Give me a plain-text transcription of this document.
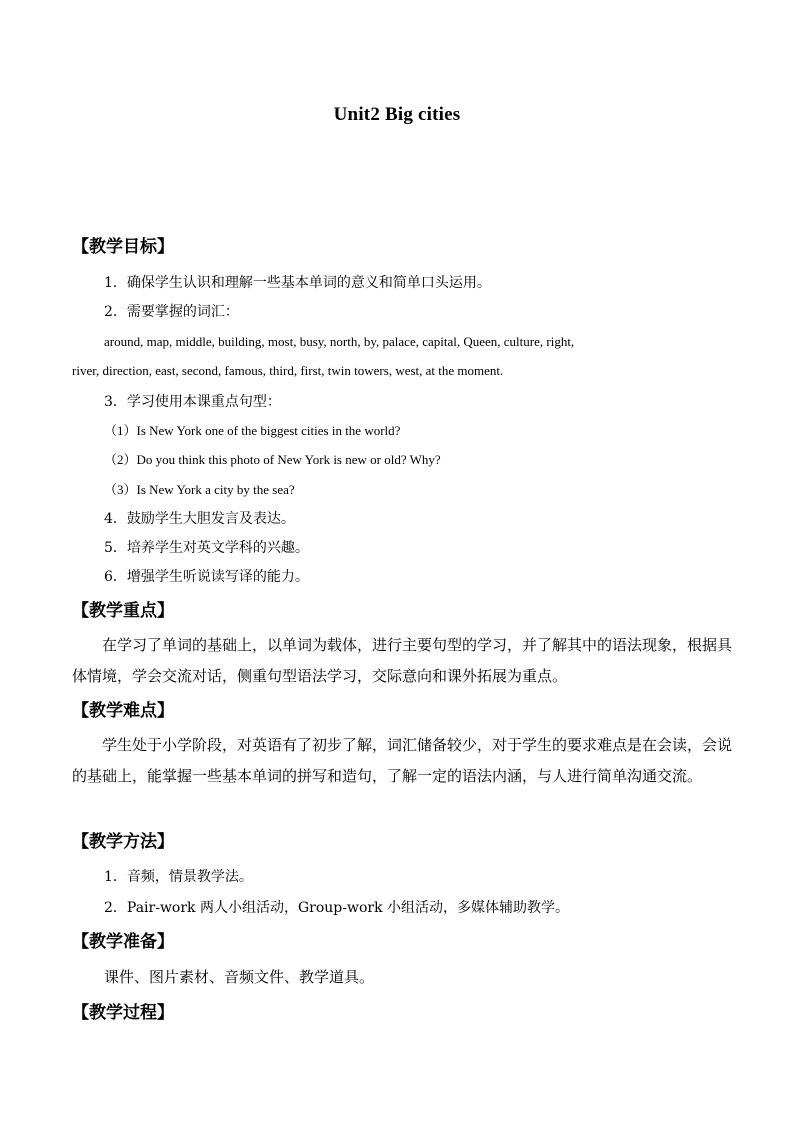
Unit2 Big cities
【教学目标】
1．确保学生认识和理解一些基本单词的意义和简单口头运用。
2．需要掌握的词汇：
around, map, middle, building, most, busy, north, by, palace, capital, Queen, culture, right,
river, direction, east, second, famous, third, first, twin towers, west, at the moment.
3．学习使用本课重点句型：
（1）Is New York one of the biggest cities in the world?
（2）Do you think this photo of New York is new or old? Why?
（3）Is New York a city by the sea?
4．鼓励学生大胆发言及表达。
5．培养学生对英文学科的兴趣。
6．增强学生听说读写译的能力。
【教学重点】
在学习了单词的基础上，以单词为载体，进行主要句型的学习，并了解其中的语法现象，根据具体情境，学会交流对话，侧重句型语法学习，交际意向和课外拓展为重点。
【教学难点】
学生处于小学阶段，对英语有了初步了解，词汇储备较少，对于学生的要求难点是在会读，会说的基础上，能掌握一些基本单词的拼写和造句，了解一定的语法内涵，与人进行简单沟通交流。
【教学方法】
1．音频，情景教学法。
2．Pair-work 两人小组活动，Group-work 小组活动，多媒体辅助教学。
【教学准备】
课件、图片素材、音频文件、教学道具。
【教学过程】
